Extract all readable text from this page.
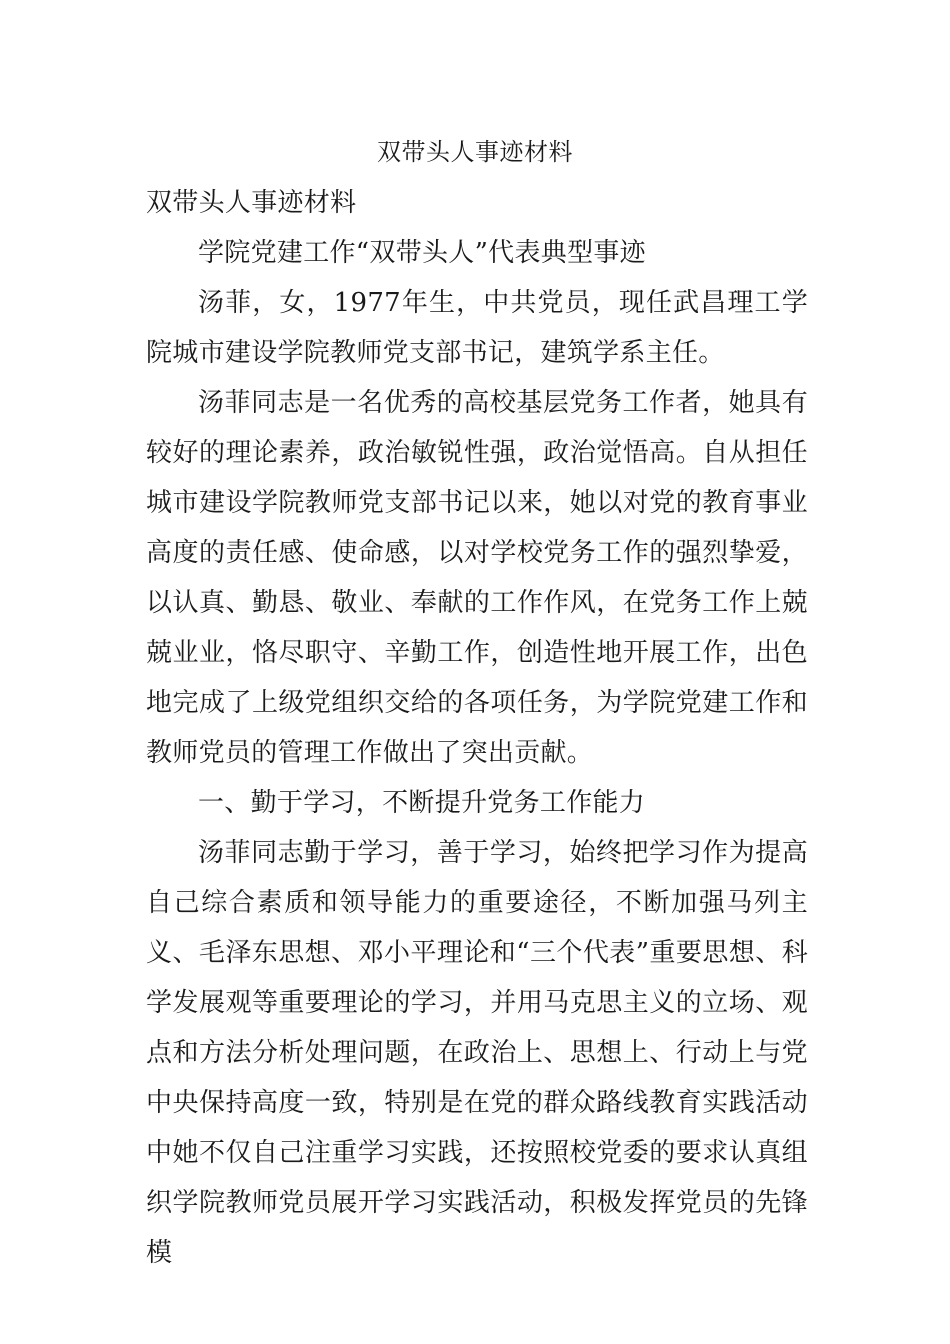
双带头人事迹材料

双带头人事迹材料

学院党建工作“双带头人”代表典型事迹

汤菲，女，1977年生，中共党员，现任武昌理工学院城市建设学院教师党支部书记，建筑学系主任。

汤菲同志是一名优秀的高校基层党务工作者，她具有较好的理论素养，政治敏锐性强，政治觉悟高。自从担任城市建设学院教师党支部书记以来，她以对党的教育事业高度的责任感、使命感，以对学校党务工作的强烈挚爱，以认真、勤恳、敬业、奉献的工作作风，在党务工作上兢兢业业，恪尽职守、辛勤工作，创造性地开展工作，出色地完成了上级党组织交给的各项任务，为学院党建工作和教师党员的管理工作做出了突出贡献。

一、勤于学习，不断提升党务工作能力

汤菲同志勤于学习，善于学习，始终把学习作为提高自己综合素质和领导能力的重要途径，不断加强马列主义、毛泽东思想、邓小平理论和“三个代表”重要思想、科学发展观等重要理论的学习，并用马克思主义的立场、观点和方法分析处理问题，在政治上、思想上、行动上与党中央保持高度一致，特别是在党的群众路线教育实践活动中她不仅自己注重学习实践，还按照校党委的要求认真组织学院教师党员展开学习实践活动，积极发挥党员的先锋模
